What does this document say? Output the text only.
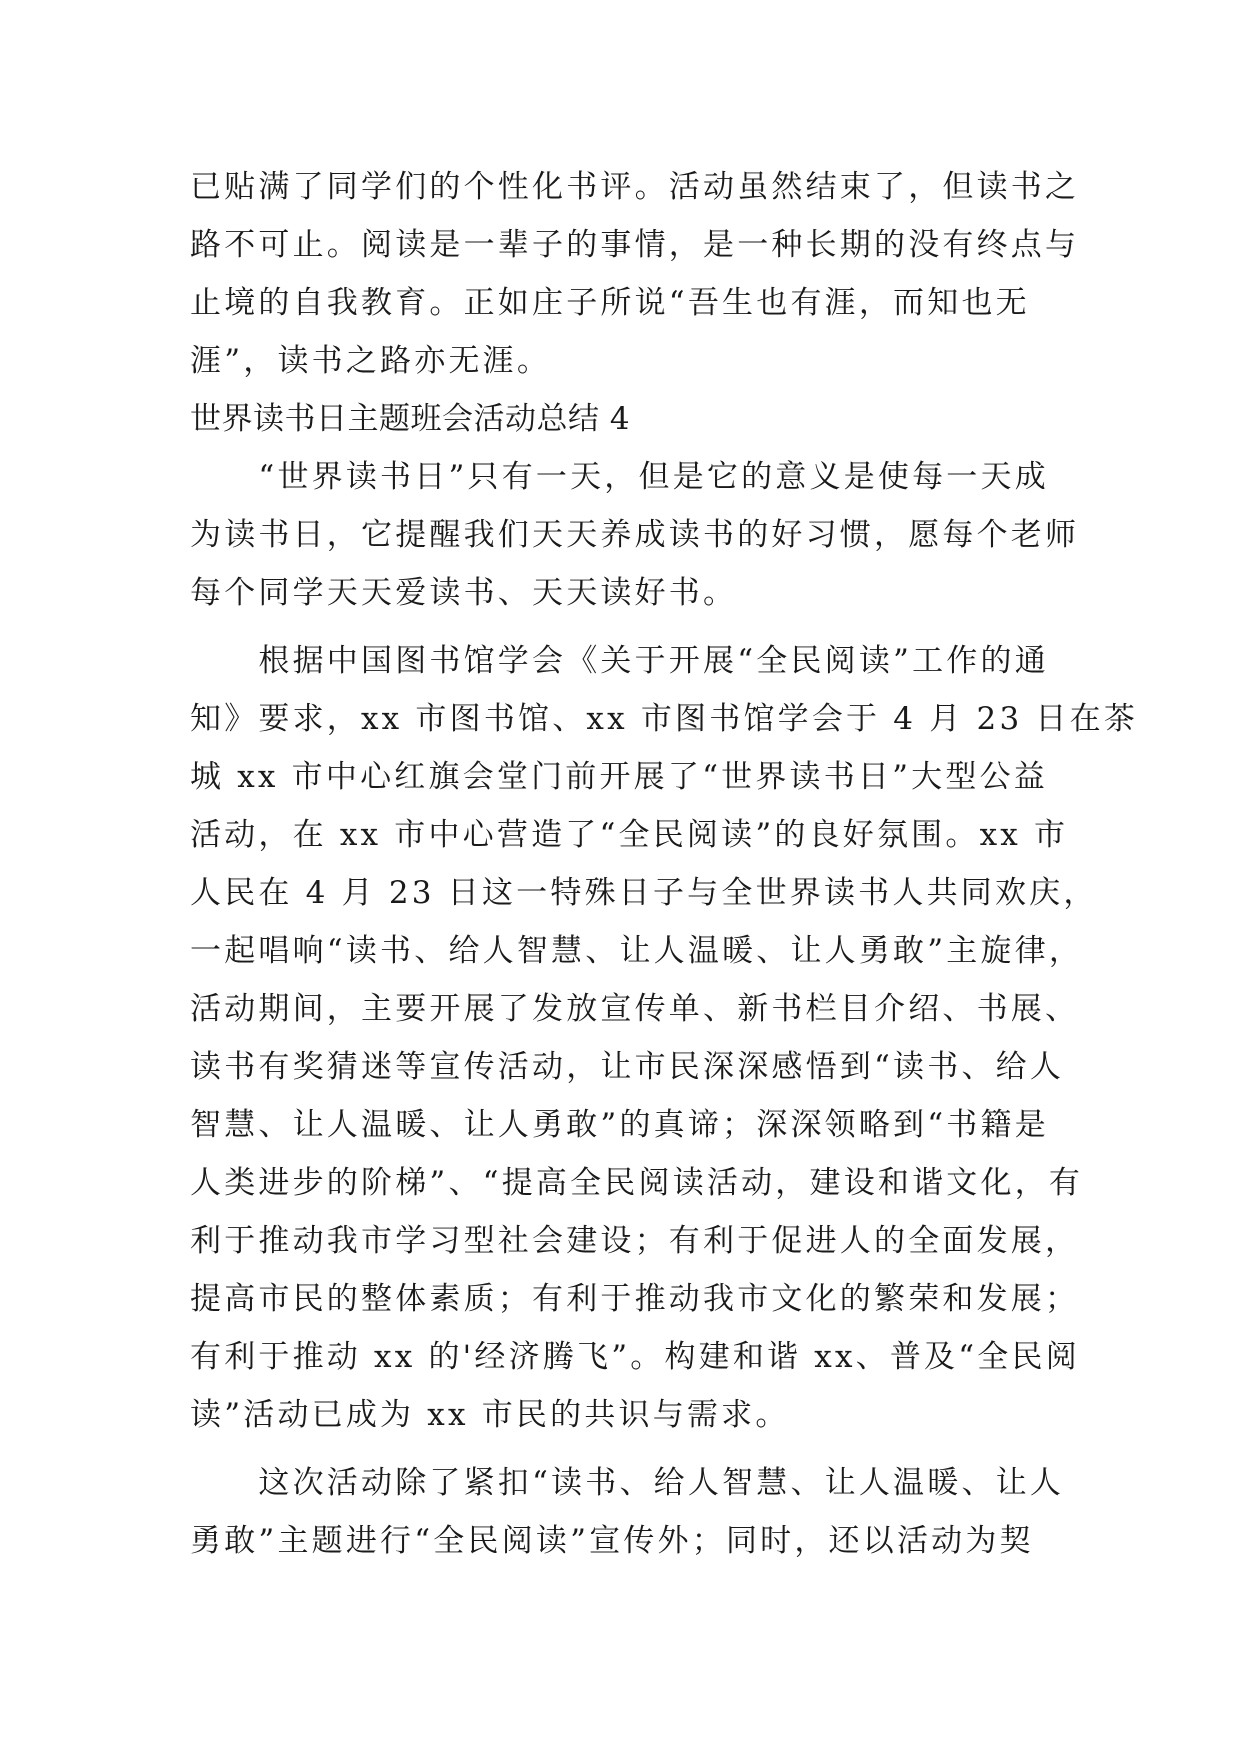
已贴满了同学们的个性化书评。活动虽然结束了，但读书之
路不可止。阅读是一辈子的事情，是一种长期的没有终点与
止境的自我教育。正如庄子所说“吾生也有涯，而知也无
涯”，读书之路亦无涯。
世界读书日主题班会活动总结 4
　　“世界读书日”只有一天，但是它的意义是使每一天成
为读书日，它提醒我们天天养成读书的好习惯，愿每个老师
每个同学天天爱读书、天天读好书。
　　根据中国图书馆学会《关于开展“全民阅读”工作的通
知》要求，xx 市图书馆、xx 市图书馆学会于 4 月 23 日在茶
城 xx 市中心红旗会堂门前开展了“世界读书日”大型公益
活动，在 xx 市中心营造了“全民阅读”的良好氛围。xx 市
人民在 4 月 23 日这一特殊日子与全世界读书人共同欢庆，
一起唱响“读书、给人智慧、让人温暖、让人勇敢”主旋律，
活动期间，主要开展了发放宣传单、新书栏目介绍、书展、
读书有奖猜迷等宣传活动，让市民深深感悟到“读书、给人
智慧、让人温暖、让人勇敢”的真谛；深深领略到“书籍是
人类进步的阶梯”、“提高全民阅读活动，建设和谐文化，有
利于推动我市学习型社会建设；有利于促进人的全面发展，
提高市民的整体素质；有利于推动我市文化的繁荣和发展；
有利于推动 xx 的'经济腾飞”。构建和谐 xx、普及“全民阅
读”活动已成为 xx 市民的共识与需求。
　　这次活动除了紧扣“读书、给人智慧、让人温暖、让人
勇敢”主题进行“全民阅读”宣传外；同时，还以活动为契
